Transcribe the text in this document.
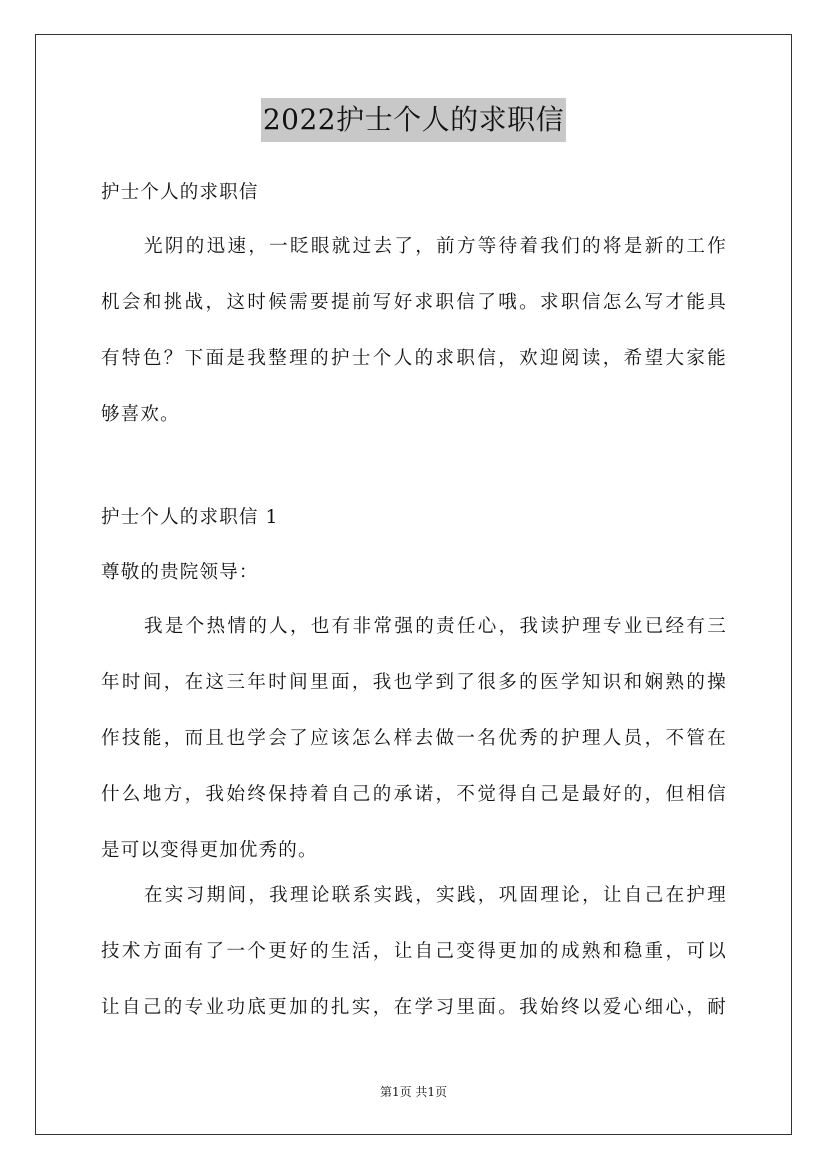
2022护士个人的求职信
护士个人的求职信
光阴的迅速，一眨眼就过去了，前方等待着我们的将是新的工作
机会和挑战，这时候需要提前写好求职信了哦。求职信怎么写才能具
有特色？下面是我整理的护士个人的求职信，欢迎阅读，希望大家能
够喜欢。
护士个人的求职信 1
尊敬的贵院领导：
我是个热情的人，也有非常强的责任心，我读护理专业已经有三
年时间，在这三年时间里面，我也学到了很多的医学知识和娴熟的操
作技能，而且也学会了应该怎么样去做一名优秀的护理人员，不管在
什么地方，我始终保持着自己的承诺，不觉得自己是最好的，但相信
是可以变得更加优秀的。
在实习期间，我理论联系实践，实践，巩固理论，让自己在护理
技术方面有了一个更好的生活，让自己变得更加的成熟和稳重，可以
让自己的专业功底更加的扎实，在学习里面。我始终以爱心细心，耐
第1页 共1页
